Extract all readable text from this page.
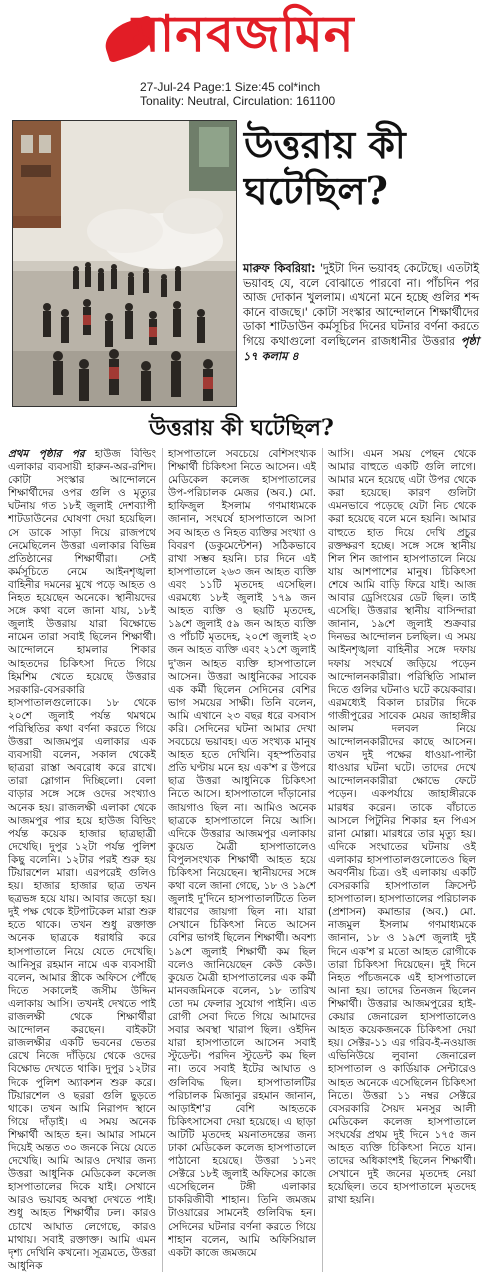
মানবজমিন
27-Jul-24 Page:1 Size:45 col*inch
Tonality: Neutral, Circulation: 161100
উত্তরায় কী ঘটেছিল?
মারুফ কিবরিয়া: 'দুইটা দিন ভয়াবহ কেটেছে। এতটাই ভয়াবহ যে, বলে বোঝাতে পারবো না। পাঁচদিন পর আজ দোকান খুললাম। এখনো মনে হচ্ছে গুলির শব্দ কানে বাজছে।' কোটা সংস্কার আন্দোলনে শিক্ষার্থীদের ডাকা শাটডাউন কর্মসূচির দিনের ঘটনার বর্ণনা করতে গিয়ে কথাগুলো বলছিলেন রাজধানীর উত্তরার পৃষ্ঠা ১৭ কলাম ৪
উত্তরায় কী ঘটেছিল?

প্রথম পৃষ্ঠার পর হাউজ বিল্ডিং এলাকার ব্যবসায়ী হারুন-অর-রশিদ। কোটা সংস্কার আন্দোলনে শিক্ষার্থীদের ওপর গুলি ও মৃত্যুর ঘটনায় গত ১৮ই জুলাই দেশব্যাপী শাটডাউনের ঘোষণা দেয়া হয়েছিল। সে ডাকে সাড়া দিয়ে রাজপথে নেমেছিলেন উত্তরা এলাকার বিভিন্ন প্রতিষ্ঠানের শিক্ষার্থীরা। সেই কর্মসূচিতে নেমে আইনশৃঙ্খলা বাহিনীর দমনের মুখে পড়ে আহত ও নিহত হয়েছেন অনেকে। স্থানীয়দের সঙ্গে কথা বলে জানা যায়, ১৮ই জুলাই উত্তরায় যারা বিক্ষোভে নামেন তারা সবাই ছিলেন শিক্ষার্থী। আন্দোলনে হামলার শিকার আহতদের চিকিৎসা দিতে গিয়ে হিমশিম খেতে হয়েছে উত্তরার সরকারি-বেসরকারি হাসপাতালগুলোকে। ১৮ থেকে ২০শে জুলাই পর্যন্ত থমথমে পরিস্থিতির কথা বর্ণনা করতে গিয়ে উত্তরা আজমপুর এলাকার এক ব্যবসায়ী বলেন, সকাল থেকেই ছাত্ররা রাস্তা অবরোধ করে রাখে। তারা স্লোগান দিচ্ছিলো। বেলা বাড়ার সঙ্গে সঙ্গে ওদের সংখ্যাও অনেক হয়। রাজলক্ষী এলাকা থেকে আজমপুর পার হয়ে হাউজ বিল্ডিং পর্যন্ত কয়েক হাজার ছাত্রছাত্রী দেখেছি। দুপুর ১২টা পর্যন্ত পুলিশ কিছু বলেনি। ১২টার পরই শুরু হয় টিয়ারশেল মারা। এরপরেই গুলিও হয়। হাজার হাজার ছাত্র তখন ছত্রভঙ্গ হয়ে যায়। আবার জড়ো হয়। দুই পক্ষ থেকে ইটপাটকেল মারা শুরু হতে থাকে। তখন শুধু রক্তাক্ত অনেক ছাত্রকে ধরাধরি করে হাসপাতালে নিয়ে যেতে দেখেছি। আনিসুর রহমান নামে এক ব্যবসায়ী বলেন, আমার স্ত্রীকে অফিসে পৌঁছে দিতে সকালেই জসীম উদ্দিন এলাকায় আসি। তখনই দেখতে পাই রাজলক্ষী থেকে শিক্ষার্থীরা আন্দোলন করছেন। বাইকটা রাজলক্ষীর একটি ভবনের ভেতর রেখে নিজে দাঁড়িয়ে থেকে ওদের বিক্ষোভ দেখতে থাকি। দুপুর ১২টার দিকে পুলিশ অ্যাকশন শুরু করে। টিয়ারশেল ও ছররা গুলি ছুড়তে থাকে। তখন আমি নিরাপদ স্থানে গিয়ে দাঁড়াই। এ সময় অনেক শিক্ষার্থী আহত হন। আমার সামনে দিয়েই অন্তত ৩০ জনকে নিয়ে যেতে দেখেছি। আমি আরও দেখার জন্য উত্তরা আধুনিক মেডিকেল কলেজ হাসপাতালের দিকে যাই। সেখানে আরও ভয়াবহ অবস্থা দেখতে পাই। শুধু আহত শিক্ষার্থীর ঢল। কারও চোখে আঘাত লেগেছে, কারও মাথায়। সবাই রক্তাক্ত। আমি এমন দৃশ্য দেখিনি কখনো। সূত্রমতে, উত্তরা আধুনিক

হাসপাতালে সবচেয়ে বেশিসংখ্যক শিক্ষার্থী চিকিৎসা নিতে আসেন। এই মেডিকেল কলেজ হাসপাতালের উপ-পরিচালক মেজর (অব.) মো. হাফিজুল ইসলাম গণমাধ্যমকে জানান, সংঘর্ষে হাসপাতালে আসা সব আহত ও নিহত ব্যক্তির সংখ্যা ও বিবরণ (ডকুমেন্টেশন) সঠিকভাবে রাখা সম্ভব হয়নি। চার দিনে এই হাসপাতালে ২৬৩ জন আহত ব্যক্তি এবং ১১টি মৃতদেহ এসেছিল। এরমধ্যে ১৮ই জুলাই ১৭৯ জন আহত ব্যক্তি ও ছয়টি মৃতদেহ, ১৯শে জুলাই ৫৯ জন আহত ব্যক্তি ও পাঁচটি মৃতদেহ, ২০শে জুলাই ২৩ জন আহত ব্যক্তি এবং ২১শে জুলাই দু'জন আহত ব্যক্তি হাসপাতালে আসেন। উত্তরা আধুনিকের সাবেক এক কর্মী ছিলেন সেদিনের বেশির ভাগ সময়ের সাক্ষী। তিনি বলেন, আমি এখানে ২৩ বছর ধরে বসবাস করি। সেদিনের ঘটনা আমার দেখা সবচেয়ে ভয়াবহ। এত সংখ্যক মানুষ আহত হতে দেখিনি। বৃহস্পতিবার প্রতি ঘণ্টায় মনে হয় এক'শ র উপরে ছাত্র উত্তরা আধুনিকে চিকিৎসা নিতে আসে। হাসপাতালে দাঁড়ানোর জায়গাও ছিল না। আমিও অনেক ছাত্রকে হাসপাতালে নিয়ে আসি। এদিকে উত্তরার আজমপুর এলাকায় কুয়েত মৈত্রী হাসপাতালেও বিপুলসংখ্যক শিক্ষার্থী আহত হয়ে চিকিৎসা নিয়েছেন। স্থানীয়দের সঙ্গে কথা বলে জানা গেছে, ১৮ ও ১৯শে জুলাই দু'দিনে হাসপাতালটিতে তিল ধারণের জায়গা ছিল না। যারা সেখানে চিকিৎসা নিতে আসেন বেশির ভাগই ছিলেন শিক্ষার্থী। অবশ্য ১৯শে জুলাই শিক্ষার্থী কম ছিল বলেও জানিয়েছেন কেউ কেউ। কুয়েত মৈত্রী হাসপাতালের এক কর্মী মানবজমিনকে বলেন, ১৮ তারিখ তো দম ফেলার সুযোগ পাইনি। এত রোগী সেবা দিতে গিয়ে আমাদের সবার অবস্থা খারাপ ছিল। ওইদিন যারা হাসপাতালে আসেন সবাই স্টুডেন্ট। পরদিন স্টুডেন্ট কম ছিল না। তবে সবাই ইটের আঘাত ও গুলিবিদ্ধ ছিল। হাসপাতালটির পরিচালক মিজানুর রহমান জানান, আড়াইশ'র বেশি আহতকে চিকিৎসাসেবা দেয়া হয়েছে। এ ছাড়া আটটি মৃতদেহ ময়নাতদন্তের জন্য ঢাকা মেডিকেল কলেজ হাসপাতালে পাঠানো হয়েছে। উত্তরা ১১নং সেক্টরে ১৮ই জুলাই অফিসের কাজে এসেছিলেন টঙ্গী এলাকার চাকরিজীবী শাহান। তিনি জমজম টাওয়ারের সামনেই গুলিবিদ্ধ হন। সেদিনের ঘটনার বর্ণনা করতে গিয়ে শাহান বলেন, আমি অফিসিয়াল একটা কাজে জমজমে

আসি। এমন সময় পেছন থেকে আমার বাহুতে একটি গুলি লাগে। আমার মনে হয়েছে এটা উপর থেকে করা হয়েছে। কারণ গুলিটা এমনভাবে পড়েছে যেটা নিচ থেকে করা হয়েছে বলে মনে হয়নি। আমার বাহুতে হাত দিয়ে দেখি প্রচুর রক্তক্ষরণ হচ্ছে। সঙ্গে সঙ্গে স্থানীয় শিল শিন জাপান হাসপাতালে নিয়ে যায় আশপাশের মানুষ। চিকিৎসা শেষে আমি বাড়ি ফিরে যাই। আজ আবার ড্রেসিংয়ের ডেট ছিল। তাই এসেছি। উত্তরার স্থানীয় বাসিন্দারা জানান, ১৯শে জুলাই শুক্রবার দিনভর আন্দোলন চলছিল। এ সময় আইনশৃঙ্খলা বাহিনীর সঙ্গে দফায় দফায় সংঘর্ষে জড়িয়ে পড়েন আন্দোলনকারীরা। পরিস্থিতি সামাল দিতে গুলির ঘটনাও ঘটে কয়েকবার। এরমধ্যেই বিকাল চারটার দিকে গাজীপুরের সাবেক মেয়র জাহাঙ্গীর আলম দলবল নিয়ে আন্দোলনকারীদের কাছে আসেন। তখন দুই পক্ষের ধাওয়া-পাল্টা ধাওয়ার ঘটনা ঘটে। তাদের দেখে আন্দোলনকারীরা ক্ষোভে ফেটে পড়েন। একপর্যায়ে জাহাঙ্গীরকে মারধর করেন। তাকে বাঁচাতে আসলে পিটুনির শিকার হন পিএস রানা মোল্লা। মারধরে তার মৃত্যু হয়। এদিকে সংঘাতের ঘটনায় ওই এলাকার হাসপাতালগুলোতেও ছিল অবর্ণনীয় চিত্র। ওই এলাকায় একটি বেসরকারি হাসপাতাল ক্রিসেন্ট হাসপাতাল। হাসপাতালের পরিচালক (প্রশাসন) কমান্ডার (অব.) মো. নাজমুল ইসলাম গণমাধ্যমকে জানান, ১৮ ও ১৯শে জুলাই দুই দিনে এক'শ র মতো আহত রোগীকে তারা চিকিৎসা দিয়েছেন। দুই দিনে নিহত পাঁচজনকে এই হাসপাতালে আনা হয়। তাদের তিনজন ছিলেন শিক্ষার্থী। উত্তরার আজমপুরের হাই-কেয়ার জেনারেল হাসপাতালেও আহত কয়েকজনকে চিকিৎসা দেয়া হয়। সেক্টর-১১ এর গরিব-ই-নওয়াজ এভিনিউয়ে লুবানা জেনারেল হাসপাতাল ও কার্ডিয়াক সেন্টারেও আহত অনেকে এসেছিলেন চিকিৎসা নিতে। উত্তরা ১১ নম্বর সেক্টরে বেসরকারি সৈয়দ মনসুর আলী মেডিকেল কলেজ হাসপাতালে সংঘর্ষের প্রথম দুই দিনে ১৭৫ জন আহত ব্যক্তি চিকিৎসা নিতে যান। তাদের অধিকাংশই ছিলেন শিক্ষার্থী। সেখানে দুই জনের মৃতদেহ নেয়া হয়েছিল। তবে হাসপাতালে মৃতদেহ রাখা হয়নি।
